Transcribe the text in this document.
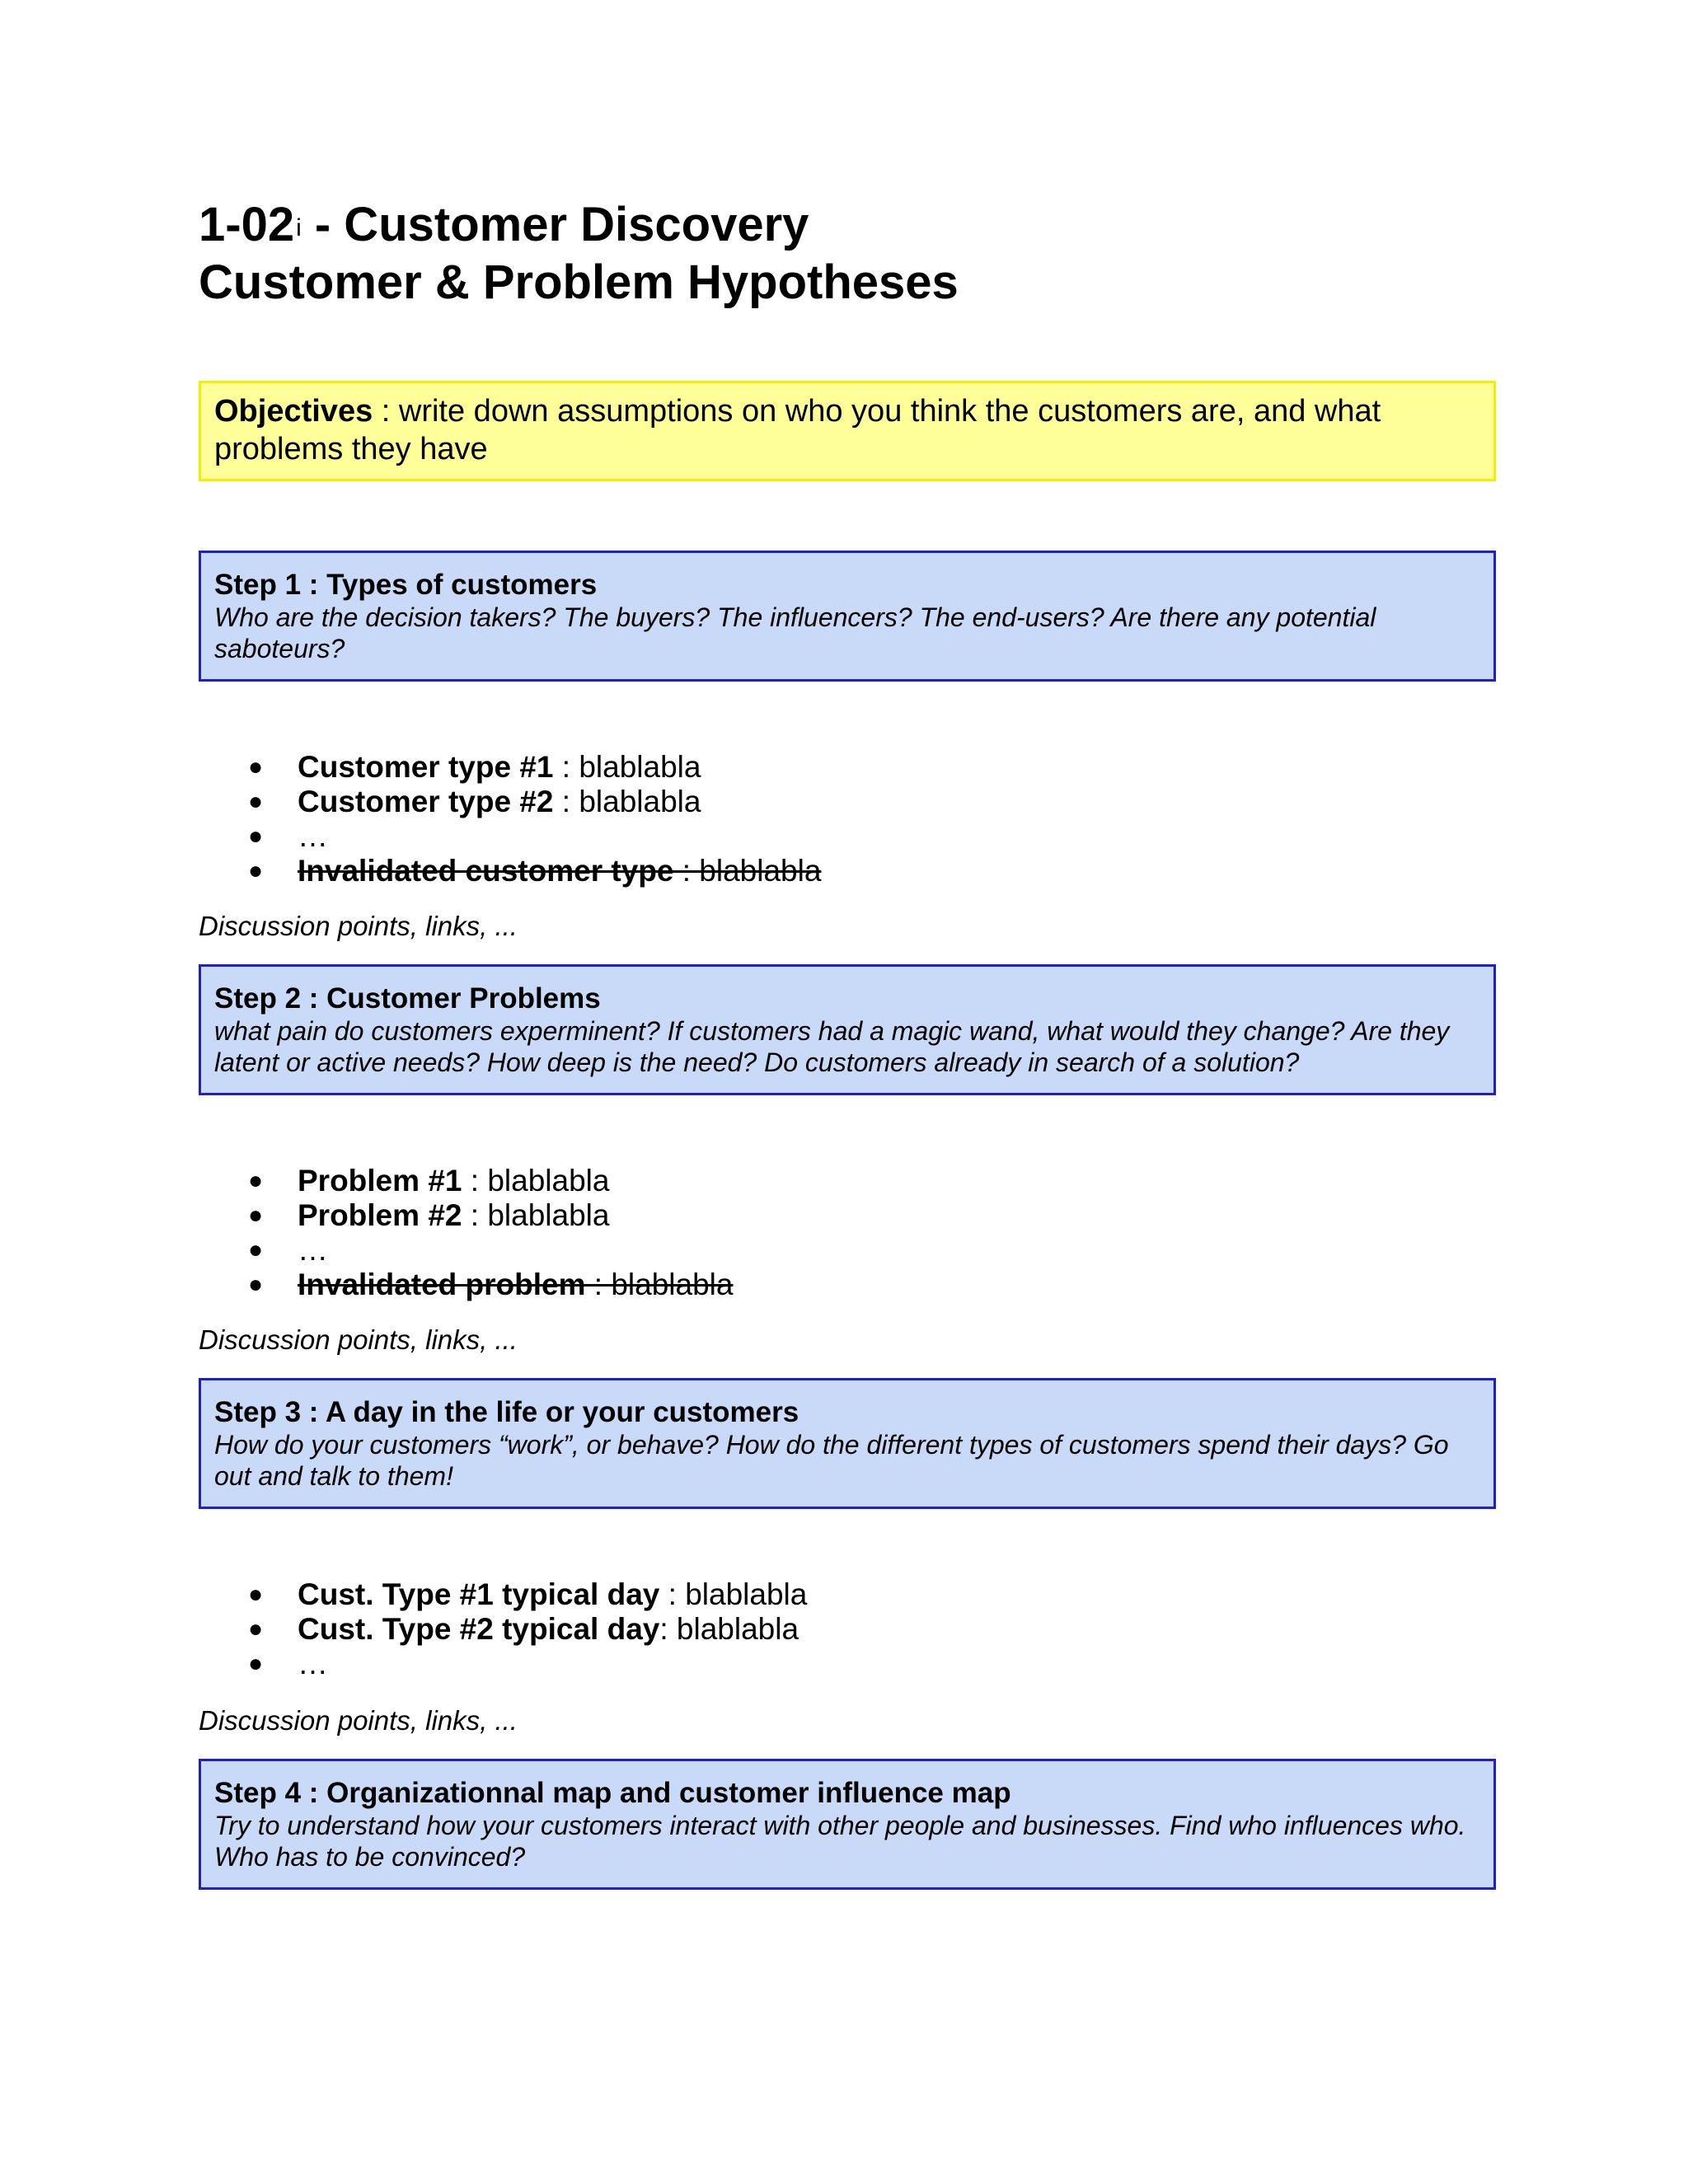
1-02$^i$ - Customer Discovery
Customer & Problem Hypotheses
Objectives : write down assumptions on who you think the customers are, and what problems they have
Step 1 : Types of customers
Who are the decision takers? The buyers? The influencers? The end-users? Are there any potential saboteurs?
● Customer type #1 : blablabla
● Customer type #2 : blablabla
● …
● Invalidated customer type : blablabla
Discussion points, links, ...
Step 2 : Customer Problems
what pain do customers experminent? If customers had a magic wand, what would they change? Are they latent or active needs? How deep is the need? Do customers already in search of a solution?
● Problem #1 : blablabla
● Problem #2 : blablabla
● …
● Invalidated problem : blablabla
Discussion points, links, ...
Step 3 : A day in the life or your customers
How do your customers “work”, or behave? How do the different types of customers spend their days? Go out and talk to them!
● Cust. Type #1 typical day : blablabla
● Cust. Type #2 typical day: blablabla
● …
Discussion points, links, ...
Step 4 : Organizationnal map and customer influence map
Try to understand how your customers interact with other people and businesses. Find who influences who. Who has to be convinced?
